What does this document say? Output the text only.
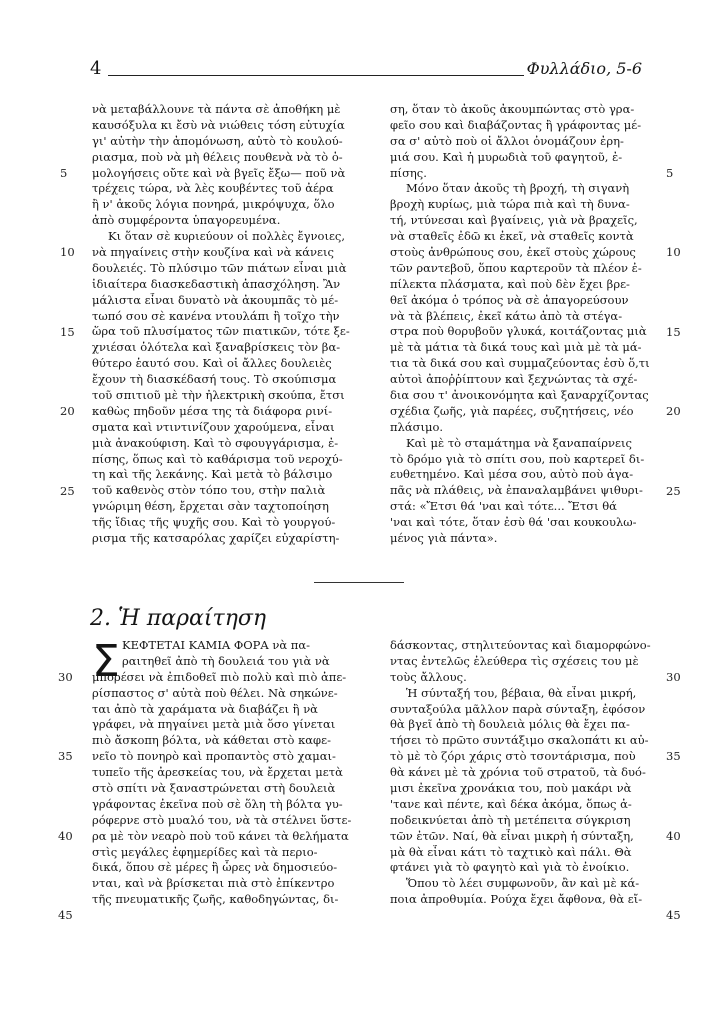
4	Φυλλάδιο, 5-6
νὰ μεταβάλλουνε τὰ πάντα σὲ ἀποθήκη μὲ
καυσόξυλα κι ἔσὺ νὰ νιώθεις τόση εὐτυχία
γι' αὐτὴν τὴν ἀπομόνωση, αὐτὸ τὸ κουλού-
ριασμα, ποὺ νὰ μὴ θέλεις πουθενὰ νὰ τὸ ὁ-
μολογήσεις οὔτε καὶ νὰ βγεῖς ἔξω— ποῦ νὰ
τρέχεις τώρα, νὰ λὲς κουβέντες τοῦ ἀέρα
ἢ ν' ἀκοῦς λόγια πονηρά, μικρόψυχα, ὅλο
ἀπὸ συμφέροντα ὑπαγορευμένα.
Κι ὅταν σὲ κυριεύουν οἱ πολλὲς ἔγνοιες,
νὰ πηγαίνεις στὴν κουζίνα καὶ νὰ κάνεις
δουλειές. Τὸ πλύσιμο τῶν πιάτων εἶναι μιὰ
ἰδιαίτερα διασκεδαστικὴ ἀπασχόληση. Ἂν
μάλιστα εἶναι δυνατὸ νὰ ἀκουμπᾶς τὸ μέ-
τωπό σου σὲ κανένα ντουλάπι ἢ τοῖχο τὴν
ὥρα τοῦ πλυσίματος τῶν πιατικῶν, τότε ξε-
χνιέσαι ὁλότελα καὶ ξαναβρίσκεις τὸν βα-
θύτερο ἑαυτό σου. Καὶ οἱ ἄλλες δουλειὲς
ἔχουν τὴ διασκέδασή τους. Τὸ σκούπισμα
τοῦ σπιτιοῦ μὲ τὴν ἠλεκτρικὴ σκούπα, ἔτσι
καθὼς πηδοῦν μέσα της τὰ διάφορα ρινί-
σματα καὶ ντιντινίζουν χαρούμενα, εἶναι
μιὰ ἀνακούφιση. Καὶ τὸ σφουγγάρισμα, ἐ-
πίσης, ὅπως καὶ τὸ καθάρισμα τοῦ νεροχύ-
τη καὶ τῆς λεκάνης. Καὶ μετὰ τὸ βάλσιμο
τοῦ καθενὸς στὸν τόπο του, στὴν παλιὰ
γνώριμη θέση, ἔρχεται σὰν ταχτοποίηση
τῆς ἴδιας τῆς ψυχῆς σου. Καὶ τὸ γουργού-
ρισμα τῆς κατσαρόλας χαρίζει εὐχαρίστη-
ση, ὅταν τὸ ἀκοῦς ἀκουμπώντας στὸ γρα-
φεῖο σου καὶ διαβάζοντας ἢ γράφοντας μέ-
σα σ' αὐτὸ ποὺ οἱ ἄλλοι ὀνομάζουν ἐρη-
μιά σου. Καὶ ἡ μυρωδιὰ τοῦ φαγητοῦ, ἐ-
πίσης.
Μόνο ὅταν ἀκοῦς τὴ βροχή, τὴ σιγανὴ
βροχὴ κυρίως, μιὰ τώρα πιὰ καὶ τὴ δυνα-
τή, ντύνεσαι καὶ βγαίνεις, γιὰ νὰ βραχεῖς,
νὰ σταθεῖς ἐδῶ κι ἐκεῖ, νὰ σταθεῖς κοντὰ
στοὺς ἀνθρώπους σου, ἐκεῖ στοὺς χώρους
τῶν ραντεβοῦ, ὅπου καρτεροῦν τὰ πλέον ἐ-
πίλεκτα πλάσματα, καὶ ποὺ δὲν ἔχει βρε-
θεῖ ἀκόμα ὁ τρόπος νὰ σὲ ἀπαγορεύσουν
νὰ τὰ βλέπεις, ἐκεῖ κάτω ἀπὸ τὰ στέγα-
στρα ποὺ θορυβοῦν γλυκά, κοιτάζοντας μιὰ
μὲ τὰ μάτια τὰ δικά τους καὶ μιὰ μὲ τὰ μά-
τια τὰ δικά σου καὶ συμμαζεύοντας ἐσὺ ὅ,τι
αὐτοὶ ἀποῤῥίπτουν καὶ ξεχνώντας τὰ σχέ-
δια σου τ' ἀνοικονόμητα καὶ ξαναρχίζοντας
σχέδια ζωῆς, γιὰ παρέες, συζητήσεις, νέο
πλάσιμο.
Καὶ μὲ τὸ σταμάτημα νὰ ξαναπαίρνεις
τὸ δρόμο γιὰ τὸ σπίτι σου, ποὺ καρτερεῖ δι-
ευθετημένο. Καὶ μέσα σου, αὐτὸ ποὺ ἀγα-
πᾶς νὰ πλάθεις, νὰ ἐπαναλαμβάνει ψιθυρι-
στά: «Ἔτσι θά 'ναι καὶ τότε... Ἔτσι θά
'ναι καὶ τότε, ὅταν ἐσὺ θά 'σαι κουκουλω-
μένος γιὰ πάντα».
2. Ἡ παραίτηση
Σ ΚΕΦΤΕΤΑΙ ΚΑΜΙΑ ΦΟΡΑ νὰ πα-
ραιτηθεῖ ἀπὸ τὴ δουλειά του γιὰ νὰ
μπορέσει νὰ ἐπιδοθεῖ πιὸ πολὺ καὶ πιὸ ἀπε-
ρίσπαστος σ' αὐτὰ ποὺ θέλει. Νὰ σηκώνε-
ται ἀπὸ τὰ χαράματα νὰ διαβάζει ἢ νὰ
γράφει, νὰ πηγαίνει μετὰ μιὰ ὅσο γίνεται
πιὸ ἄσκοπη βόλτα, νὰ κάθεται στὸ καφε-
νεῖο τὸ πονηρὸ καὶ προπαντὸς στὸ χαμαι-
τυπεῖο τῆς ἀρεσκείας του, νὰ ἔρχεται μετὰ
στὸ σπίτι νὰ ξαναστρώνεται στὴ δουλειὰ
γράφοντας ἐκεῖνα ποὺ σὲ ὅλη τὴ βόλτα γυ-
ρόφερνε στὸ μυαλό του, νὰ τὰ στέλνει ὕστε-
ρα μὲ τὸν νεαρὸ ποὺ τοῦ κάνει τὰ θελήματα
στὶς μεγάλες ἐφημερίδες καὶ τὰ περιο-
δικά, ὅπου σὲ μέρες ἢ ὧρες νὰ δημοσιεύο-
νται, καὶ νὰ βρίσκεται πιὰ στὸ ἐπίκεντρο
τῆς πνευματικῆς ζωῆς, καθοδηγώντας, δι-
δάσκοντας, στηλιτεύοντας καὶ διαμορφώνο-
ντας ἐντελῶς ἐλεύθερα τὶς σχέσεις του μὲ
τοὺς ἄλλους.
Ἡ σύνταξή του, βέβαια, θὰ εἶναι μικρή,
συνταξούλα μᾶλλον παρὰ σύνταξη, ἐφόσον
θὰ βγεῖ ἀπὸ τὴ δουλειὰ μόλις θὰ ἔχει πα-
τήσει τὸ πρῶτο συντάξιμο σκαλοπάτι κι αὐ-
τὸ μὲ τὸ ζόρι χάρις στὸ τσοντάρισμα, ποὺ
θὰ κάνει μὲ τὰ χρόνια τοῦ στρατοῦ, τὰ δυό-
μισι ἐκεῖνα χρονάκια του, ποὺ μακάρι νὰ
'τανε καὶ πέντε, καὶ δέκα ἀκόμα, ὅπως ἀ-
ποδεικνύεται ἀπὸ τὴ μετέπειτα σύγκριση
τῶν ἐτῶν. Ναί, θὰ εἶναι μικρὴ ἡ σύνταξη,
μὰ θὰ εἶναι κάτι τὸ ταχτικὸ καὶ πάλι. Θὰ
φτάνει γιὰ τὸ φαγητὸ καὶ γιὰ τὸ ἐνοίκιο.
Ὅπου τὸ λέει συμφωνοῦν, ἂν καὶ μὲ κά-
ποια ἀπροθυμία. Ρούχα ἔχει ἄφθονα, θὰ εἴ-
5
10
15
20
25
5
10
15
20
25
30
35
40
45
30
35
40
45
